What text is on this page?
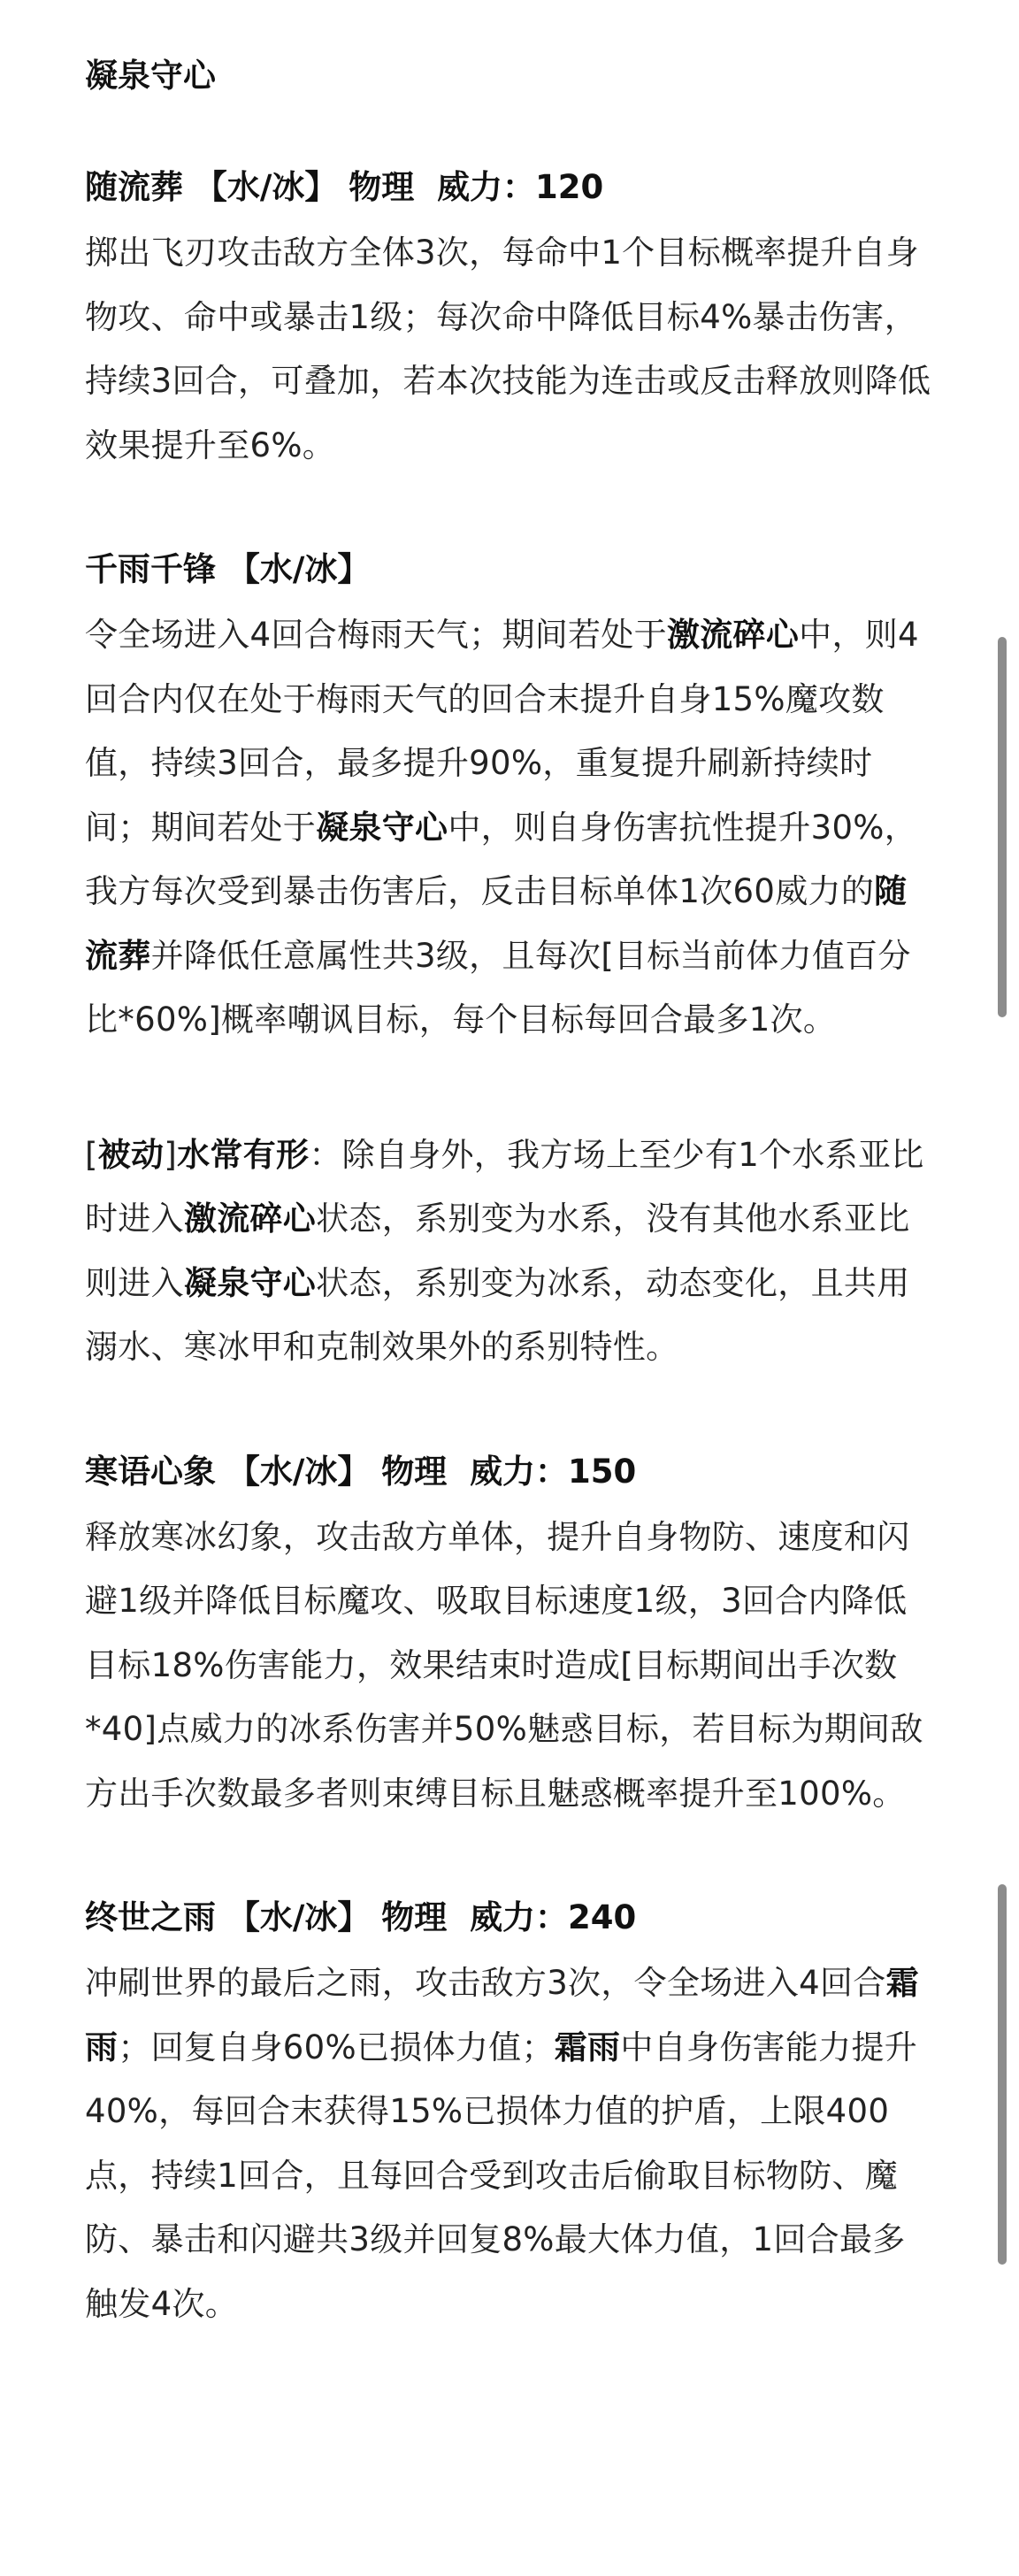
凝泉守心
随流葬 【水/冰】 物理 威力：120

掷出飞刃攻击敌方全体3次，每命中1个目标概率提升自身物攻、命中或暴击1级；每次命中降低目标4%暴击伤害，持续3回合，可叠加，若本次技能为连击或反击释放则降低效果提升至6%。

千雨千锋 【水/冰】

令全场进入4回合梅雨天气；期间若处于激流碎心中，则4回合内仅在处于梅雨天气的回合末提升自身15%魔攻数值，持续3回合，最多提升90%，重复提升刷新持续时间；期间若处于凝泉守心中，则自身伤害抗性提升30%，我方每次受到暴击伤害后，反击目标单体1次60威力的随流葬并降低任意属性共3级，且每次[目标当前体力值百分比*60%]概率嘲讽目标，每个目标每回合最多1次。

[被动]水常有形：除自身外，我方场上至少有1个水系亚比时进入激流碎心状态，系别变为水系，没有其他水系亚比则进入凝泉守心状态，系别变为冰系，动态变化，且共用溺水、寒冰甲和克制效果外的系别特性。

寒语心象 【水/冰】 物理 威力：150

释放寒冰幻象，攻击敌方单体，提升自身物防、速度和闪避1级并降低目标魔攻、吸取目标速度1级，3回合内降低目标18%伤害能力，效果结束时造成[目标期间出手次数*40]点威力的冰系伤害并50%魅惑目标，若目标为期间敌方出手次数最多者则束缚目标且魅惑概率提升至100%。

终世之雨 【水/冰】 物理 威力：240

冲刷世界的最后之雨，攻击敌方3次，令全场进入4回合霜雨；回复自身60%已损体力值；霜雨中自身伤害能力提升40%，每回合末获得15%已损体力值的护盾，上限400点，持续1回合，且每回合受到攻击后偷取目标物防、魔防、暴击和闪避共3级并回复8%最大体力值，1回合最多触发4次。
